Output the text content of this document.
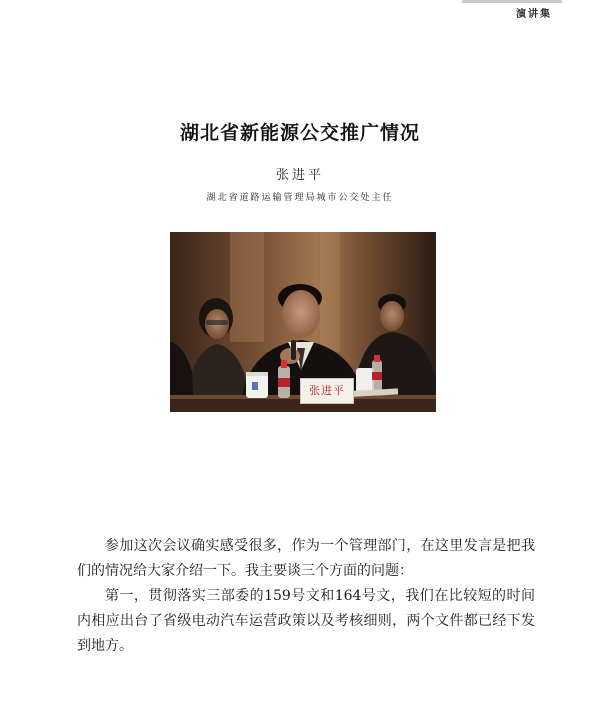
演讲集
湖北省新能源公交推广情况
张进平
湖北省道路运输管理局城市公交处主任
张进平

参加这次会议确实感受很多，作为一个管理部门，在这里发言是把我们的情况给大家介绍一下。我主要谈三个方面的问题：

第一，贯彻落实三部委的159号文和164号文，我们在比较短的时间内相应出台了省级电动汽车运营政策以及考核细则，两个文件都已经下发到地方。
